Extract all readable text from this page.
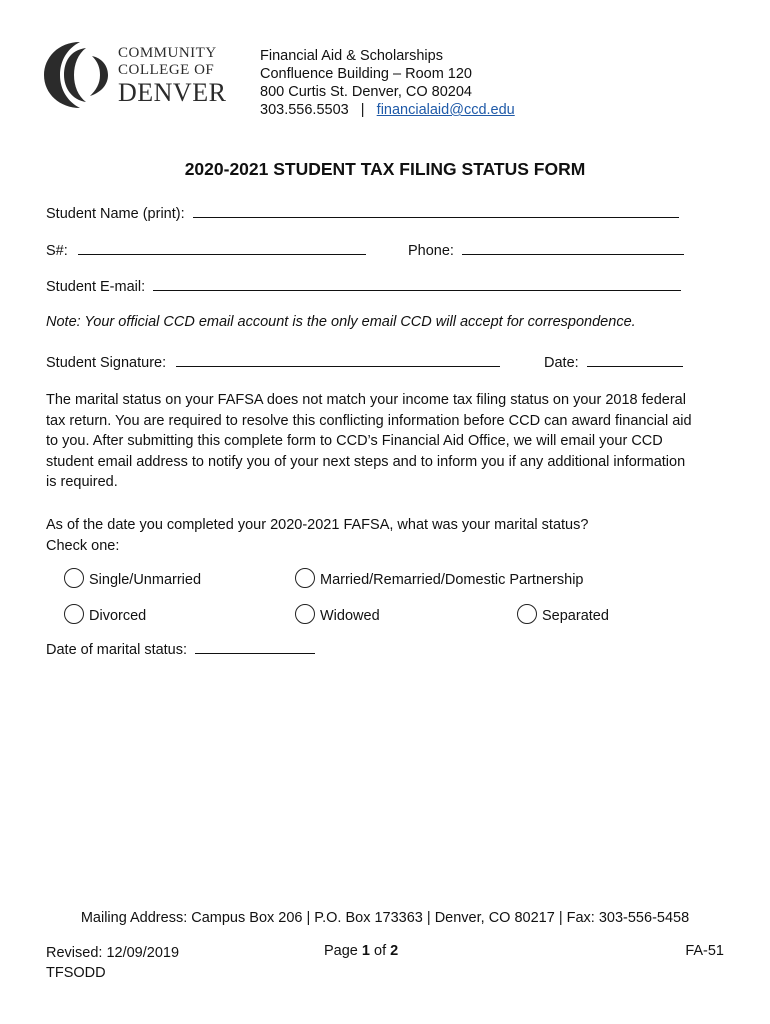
COMMUNITY
COLLEGE OF
DENVER
Financial Aid & Scholarships
Confluence Building – Room 120
800 Curtis St. Denver, CO 80204
303.556.5503 | financialaid@ccd.edu
2020-2021 STUDENT TAX FILING STATUS FORM
Student Name (print):
S#:	Phone:
Student E-mail:
Note: Your official CCD email account is the only email CCD will accept for correspondence.
Student Signature:	Date:

The marital status on your FAFSA does not match your income tax filing status on your 2018 federal

tax return. You are required to resolve this conflicting information before CCD can award financial aid

to you. After submitting this complete form to CCD’s Financial Aid Office, we will email your CCD

student email address to notify you of your next steps and to inform you if any additional information

is required.

As of the date you completed your 2020-2021 FAFSA, what was your marital status?
Check one:
Single/Unmarried	Married/Remarried/Domestic Partnership
Divorced	Widowed	Separated
Date of marital status:
Mailing Address: Campus Box 206 | P.O. Box 173363 | Denver, CO 80217 | Fax: 303-556-5458
Revised: 12/09/2019
TFSODD
Page 1 of 2	FA-51
